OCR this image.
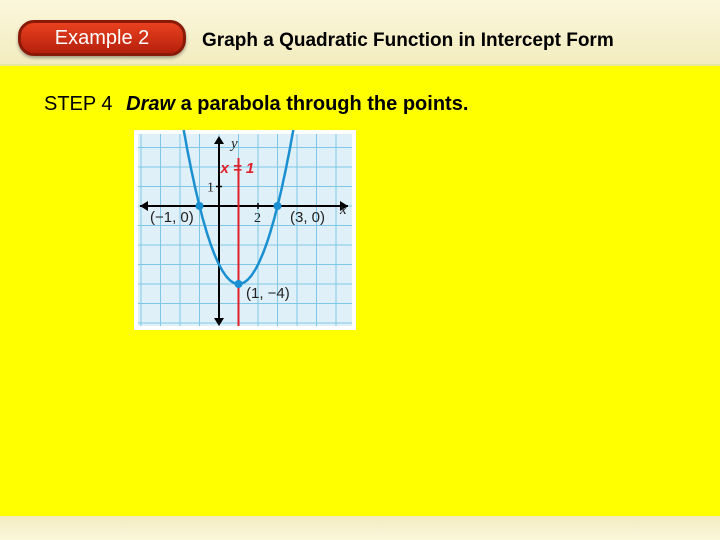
Example 2	Graph a Quadratic Function in Intercept Form
STEP 4 Draw a parabola through the points.
y
x
2
1
x = 1
(−1, 0)	(3, 0)
(1, −4)
